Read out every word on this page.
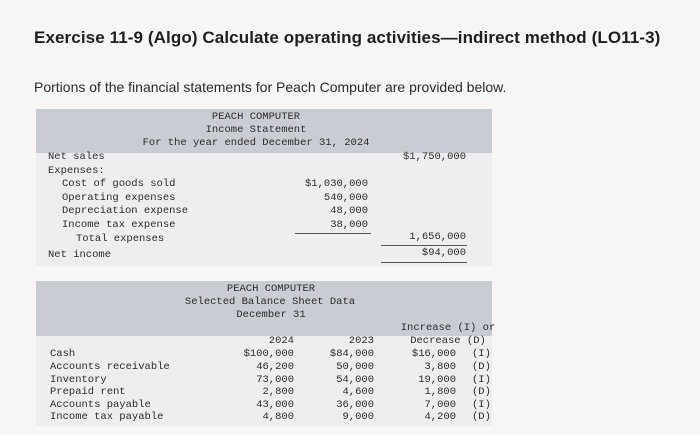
Exercise 11-9 (Algo) Calculate operating activities—indirect method (LO11-3)
Portions of the financial statements for Peach Computer are provided below.
PEACH COMPUTER
Income Statement
For the year ended December 31, 2024
Net sales	$1,750,000
Expenses:
Cost of goods sold	$1,030,000
Operating expenses	540,000
Depreciation expense	48,000
Income tax expense	38,000
Total expenses	1,656,000
Net income	$94,000
PEACH COMPUTER
Selected Balance Sheet Data
December 31
Increase (I) or
Decrease (D)
2024	2023
Cash	$100,000	$84,000	$16,000 (I)
Accounts receivable	46,200	50,000	3,800 (D)
Inventory	73,000	54,000	19,000 (I)
Prepaid rent	2,800	4,600	1,800 (D)
Accounts payable	43,000	36,000	7,000 (I)
Income tax payable	4,800	9,000	4,200 (D)
